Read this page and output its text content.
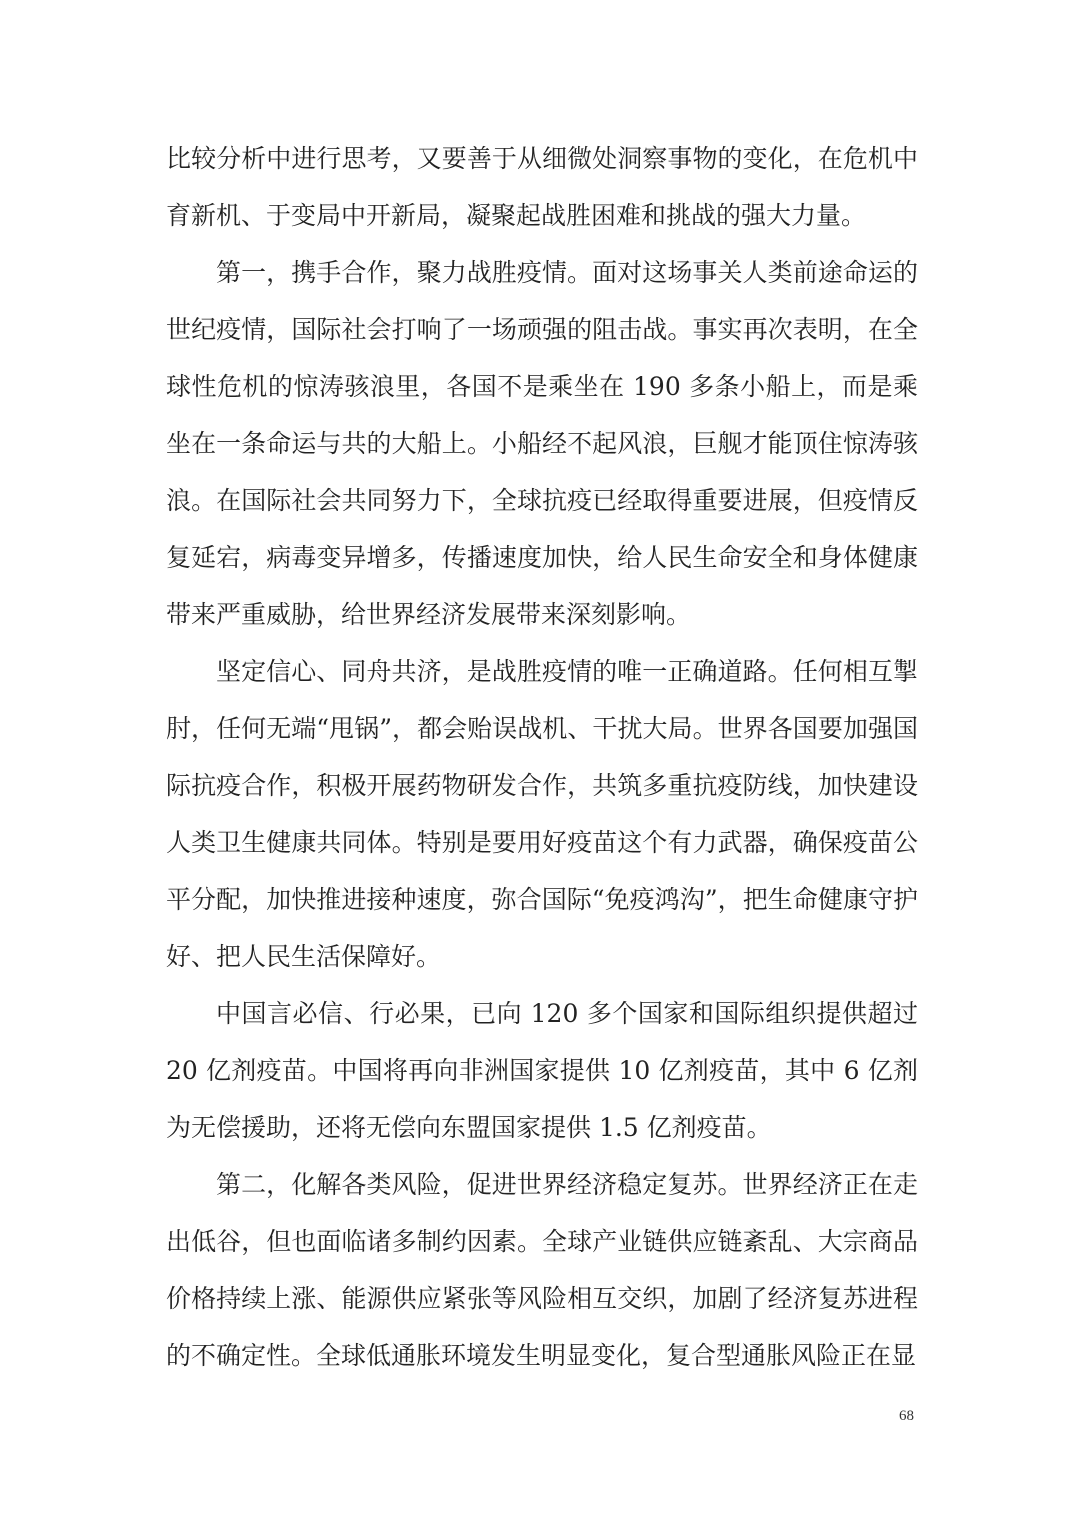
比较分析中进行思考，又要善于从细微处洞察事物的变化，在危机中育新机、于变局中开新局，凝聚起战胜困难和挑战的强大力量。

第一，携手合作，聚力战胜疫情。面对这场事关人类前途命运的世纪疫情，国际社会打响了一场顽强的阻击战。事实再次表明，在全球性危机的惊涛骇浪里，各国不是乘坐在 190 多条小船上，而是乘坐在一条命运与共的大船上。小船经不起风浪，巨舰才能顶住惊涛骇浪。在国际社会共同努力下，全球抗疫已经取得重要进展，但疫情反复延宕，病毒变异增多，传播速度加快，给人民生命安全和身体健康带来严重威胁，给世界经济发展带来深刻影响。

坚定信心、同舟共济，是战胜疫情的唯一正确道路。任何相互掣肘，任何无端“甩锅”，都会贻误战机、干扰大局。世界各国要加强国际抗疫合作，积极开展药物研发合作，共筑多重抗疫防线，加快建设人类卫生健康共同体。特别是要用好疫苗这个有力武器，确保疫苗公平分配，加快推进接种速度，弥合国际“免疫鸿沟”，把生命健康守护好、把人民生活保障好。

中国言必信、行必果，已向 120 多个国家和国际组织提供超过 20 亿剂疫苗。中国将再向非洲国家提供 10 亿剂疫苗，其中 6 亿剂为无偿援助，还将无偿向东盟国家提供 1.5 亿剂疫苗。

第二，化解各类风险，促进世界经济稳定复苏。世界经济正在走出低谷，但也面临诸多制约因素。全球产业链供应链紊乱、大宗商品价格持续上涨、能源供应紧张等风险相互交织，加剧了经济复苏进程的不确定性。全球低通胀环境发生明显变化，复合型通胀风险正在显

68
